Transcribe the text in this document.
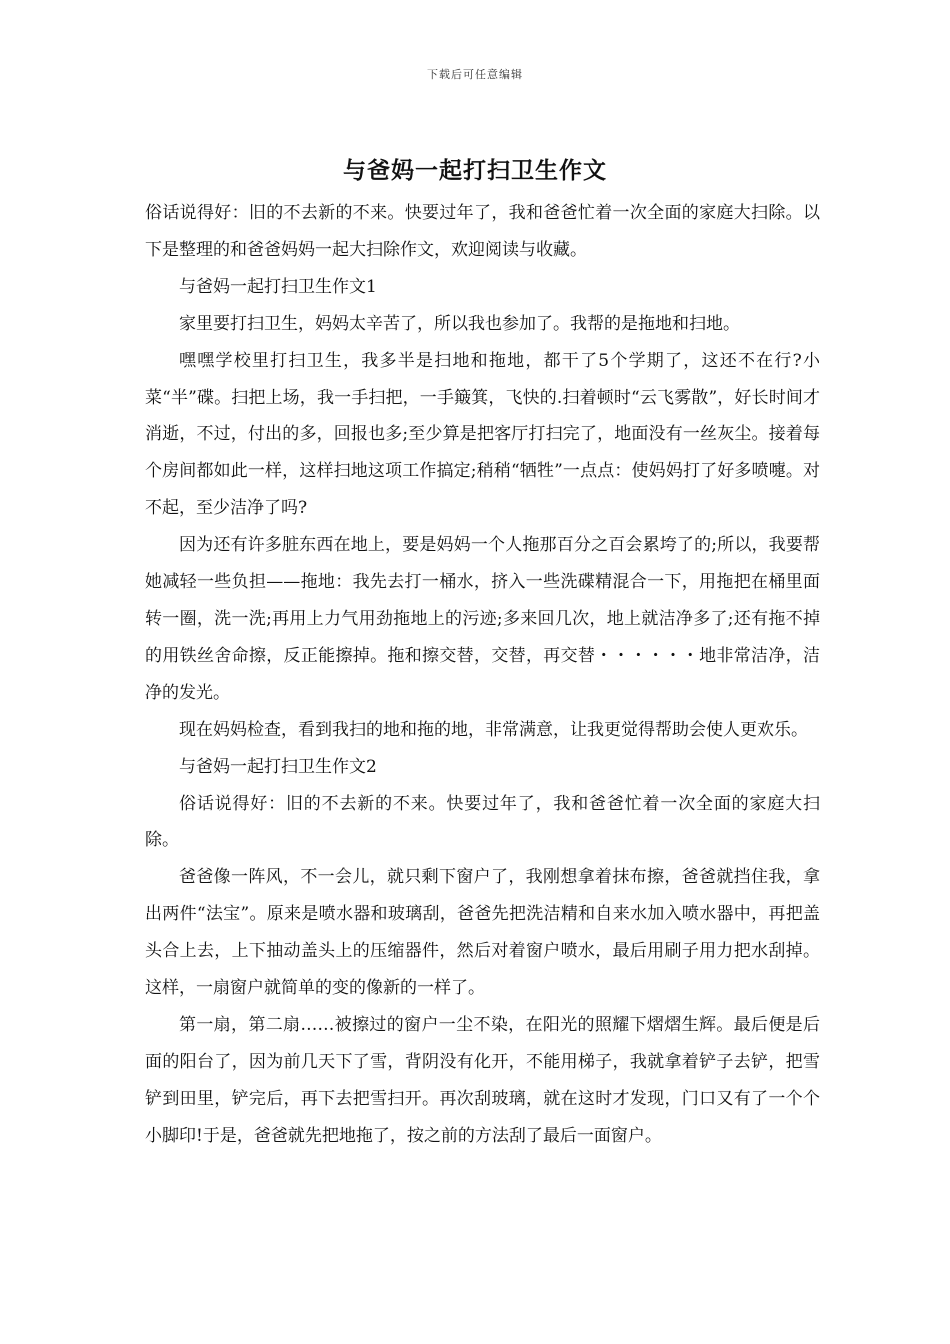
下载后可任意编辑
与爸妈一起打扫卫生作文

俗话说得好：旧的不去新的不来。快要过年了，我和爸爸忙着一次全面的家庭大扫除。以下是整理的和爸爸妈妈一起大扫除作文，欢迎阅读与收藏。

与爸妈一起打扫卫生作文1

家里要打扫卫生，妈妈太辛苦了，所以我也参加了。我帮的是拖地和扫地。

嘿嘿学校里打扫卫生，我多半是扫地和拖地，都干了5个学期了，这还不在行?小菜“半”碟。扫把上场，我一手扫把，一手簸箕，飞快的.扫着顿时“云飞雾散”，好长时间才消逝，不过，付出的多，回报也多;至少算是把客厅打扫完了，地面没有一丝灰尘。接着每个房间都如此一样，这样扫地这项工作搞定;稍稍“牺牲”一点点：使妈妈打了好多喷嚏。对不起，至少洁净了吗?

因为还有许多脏东西在地上，要是妈妈一个人拖那百分之百会累垮了的;所以，我要帮她减轻一些负担——拖地：我先去打一桶水，挤入一些洗碟精混合一下，用拖把在桶里面转一圈，洗一洗;再用上力气用劲拖地上的污迹;多来回几次，地上就洁净多了;还有拖不掉的用铁丝舍命擦，反正能擦掉。拖和擦交替，交替，再交替・・・・・・地非常洁净，洁净的发光。

现在妈妈检查，看到我扫的地和拖的地，非常满意，让我更觉得帮助会使人更欢乐。

与爸妈一起打扫卫生作文2

俗话说得好：旧的不去新的不来。快要过年了，我和爸爸忙着一次全面的家庭大扫除。

爸爸像一阵风，不一会儿，就只剩下窗户了，我刚想拿着抹布擦，爸爸就挡住我，拿出两件“法宝”。原来是喷水器和玻璃刮，爸爸先把洗洁精和自来水加入喷水器中，再把盖头合上去，上下抽动盖头上的压缩器件，然后对着窗户喷水，最后用刷子用力把水刮掉。这样，一扇窗户就简单的变的像新的一样了。

第一扇，第二扇……被擦过的窗户一尘不染，在阳光的照耀下熠熠生辉。最后便是后面的阳台了，因为前几天下了雪，背阴没有化开，不能用梯子，我就拿着铲子去铲，把雪铲到田里，铲完后，再下去把雪扫开。再次刮玻璃，就在这时才发现，门口又有了一个个小脚印!于是，爸爸就先把地拖了，按之前的方法刮了最后一面窗户。
